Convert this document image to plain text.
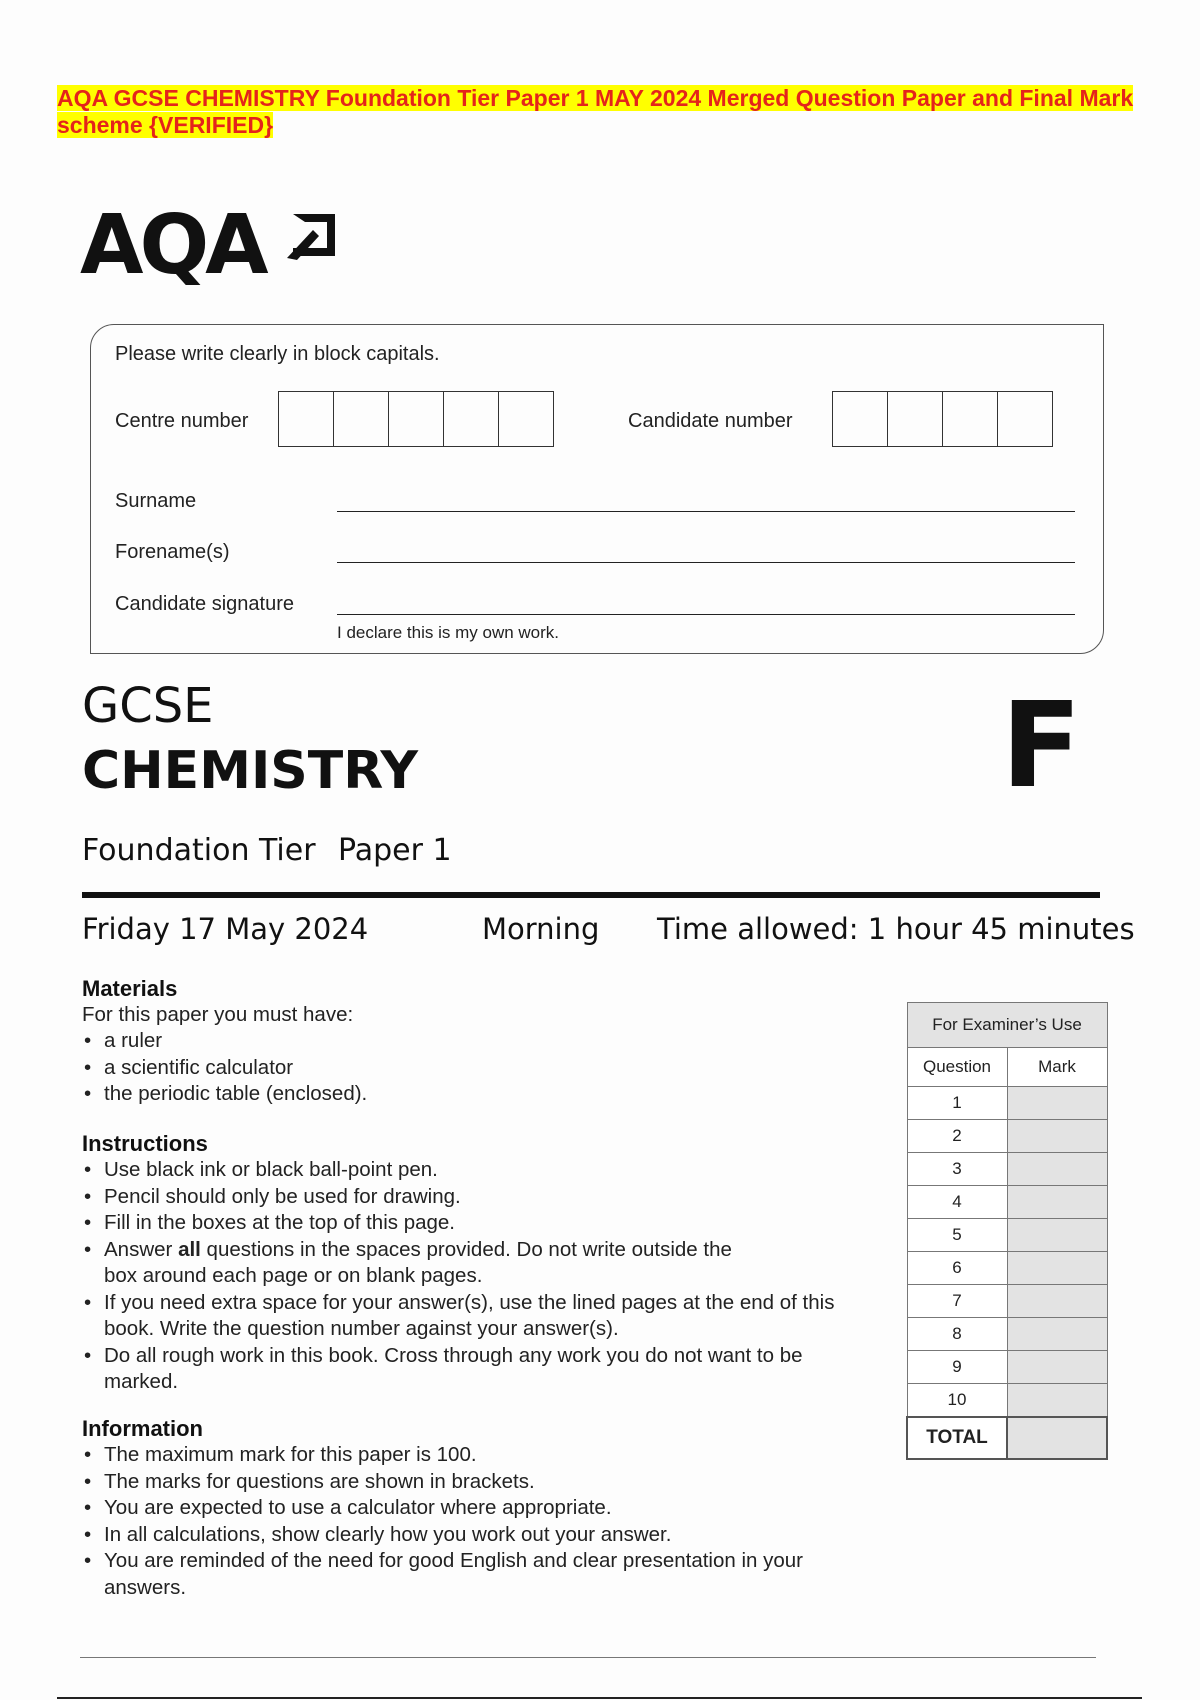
AQA GCSE CHEMISTRY Foundation Tier Paper 1 MAY 2024 Merged Question Paper and Final Mark scheme {VERIFIED}
AQA
Please write clearly in block capitals.
Centre number	Candidate number
Surname
Forename(s)
Candidate signature
I declare this is my own work.
GCSE
CHEMISTRY	F
Foundation Tier Paper 1
Friday 17 May 2024	Morning Time allowed: 1 hour 45 minutes
Materials

For this paper you must have:

• a ruler
• a scientific calculator
• the periodic table (enclosed).
Instructions
• Use black ink or black ball-point pen.
• Pencil should only be used for drawing.
• Fill in the boxes at the top of this page.
• Answer all questions in the spaces provided. Do not write outside the box around each page or on blank pages.
• If you need extra space for your answer(s), use the lined pages at the end of this book. Write the question number against your answer(s).
• Do all rough work in this book. Cross through any work you do not want to be marked.
Information
• The maximum mark for this paper is 100.
• The marks for questions are shown in brackets.
• You are expected to use a calculator where appropriate.
• In all calculations, show clearly how you work out your answer.
• You are reminded of the need for good English and clear presentation in your answers.
For Examiner’s Use	
Question	Mark
1	
2	
3	
4	
5	
6	
7	
8	
9	
10	
TOTAL	
